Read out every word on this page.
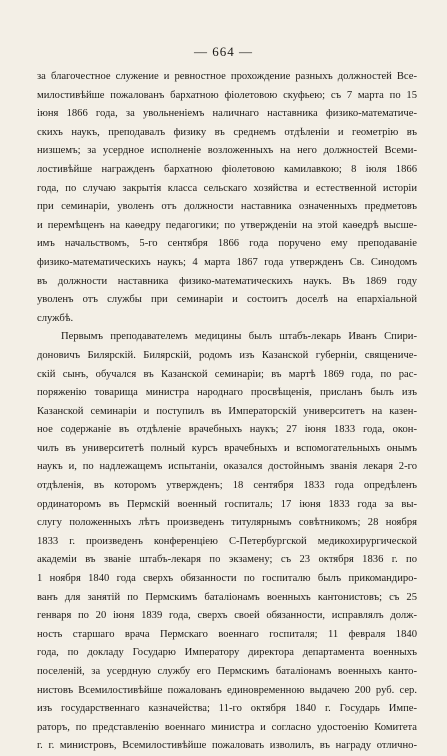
— 664 —
за благочестное служение и ревностное прохождение разныхъ должностей Все-
милостивѣйше пожалованъ бархатною фіолетовою скуфьею; съ 7 марта по 15
іюня 1866 года, за увольненіемъ наличнаго наставника физико-математиче-
скихъ наукъ, преподавалъ физику въ среднемъ отдѣленіи и геометрію въ
низшемъ; за усердное исполненіе возложенныхъ на него должностей Всеми-
лостивѣйше награжденъ бархатною фіолетовою камилавкою; 8 іюля 1866
года, по случаю закрытія класса сельскаго хозяйства и естественной исторіи
при семинаріи, уволенъ отъ должности наставника означенныхъ предметовъ
и перемѣщенъ на каѳедру педагогики; по утвержденіи на этой каѳедрѣ высше-
имъ начальствомъ, 5-го сентября 1866 года поручено ему преподаваніе
физико-математическихъ наукъ; 4 марта 1867 года утвержденъ Св. Синодомъ
въ должности наставника физико-математическихъ наукъ. Въ 1869 году
уволенъ отъ службы при семинаріи и состоитъ доселѣ на епархіальной
службѣ.
Первымъ преподавателемъ медицины былъ штабъ-лекарь Иванъ Спири-
доновичъ Билярскій. Билярскій, родомъ изъ Казанской губерніи, священиче-
скій сынъ, обучался въ Казанской семинаріи; въ мартѣ 1869 года, по рас-
поряженію товарища министра народнаго просвѣщенія, присланъ былъ изъ
Казанской семинаріи и поступилъ въ Императорскій университетъ на казен-
ное содержаніе въ отдѣленіе врачебныхъ наукъ; 27 іюня 1833 года, окон-
чилъ въ университетѣ полный курсъ врачебныхъ и вспомогательныхъ онымъ
наукъ и, по надлежащемъ испытаніи, оказался достойнымъ званія лекаря 2-го
отдѣленія, въ которомъ утвержденъ; 18 сентября 1833 года опредѣленъ
ординаторомъ въ Пермскій военный госпиталь; 17 іюня 1833 года за вы-
слугу положенныхъ лѣтъ произведенъ титулярнымъ совѣтникомъ; 28 ноября
1833 г. произведенъ конференціею С-Петербургской медикохирургической
академіи въ званіе штабъ-лекаря по экзамену; съ 23 октября 1836 г. по
1 ноября 1840 года сверхъ обязанности по госпиталю былъ прикомандиро-
ванъ для занятій по Пермскимъ баталіонамъ военныхъ кантонистовъ; съ 25
генваря по 20 іюня 1839 года, сверхъ своей обязанности, исправлялъ долж-
ность старшаго врача Пермскаго военнаго госпиталя; 11 февраля 1840
года, по докладу Государю Императору директора департамента военныхъ
поселеній, за усердную службу его Пермскимъ баталіонамъ военныхъ канто-
нистовъ Всемилостивѣйше пожалованъ единовременною выдачею 200 руб. сер.
изъ государственнаго казначейства; 11-го октября 1840 г. Государь Импе-
раторъ, по представленію военнаго министра и согласно удостоенію Комитета
г. г. министровъ, Всемилостивѣйше пожаловать изволилъ, въ награду отлично-
